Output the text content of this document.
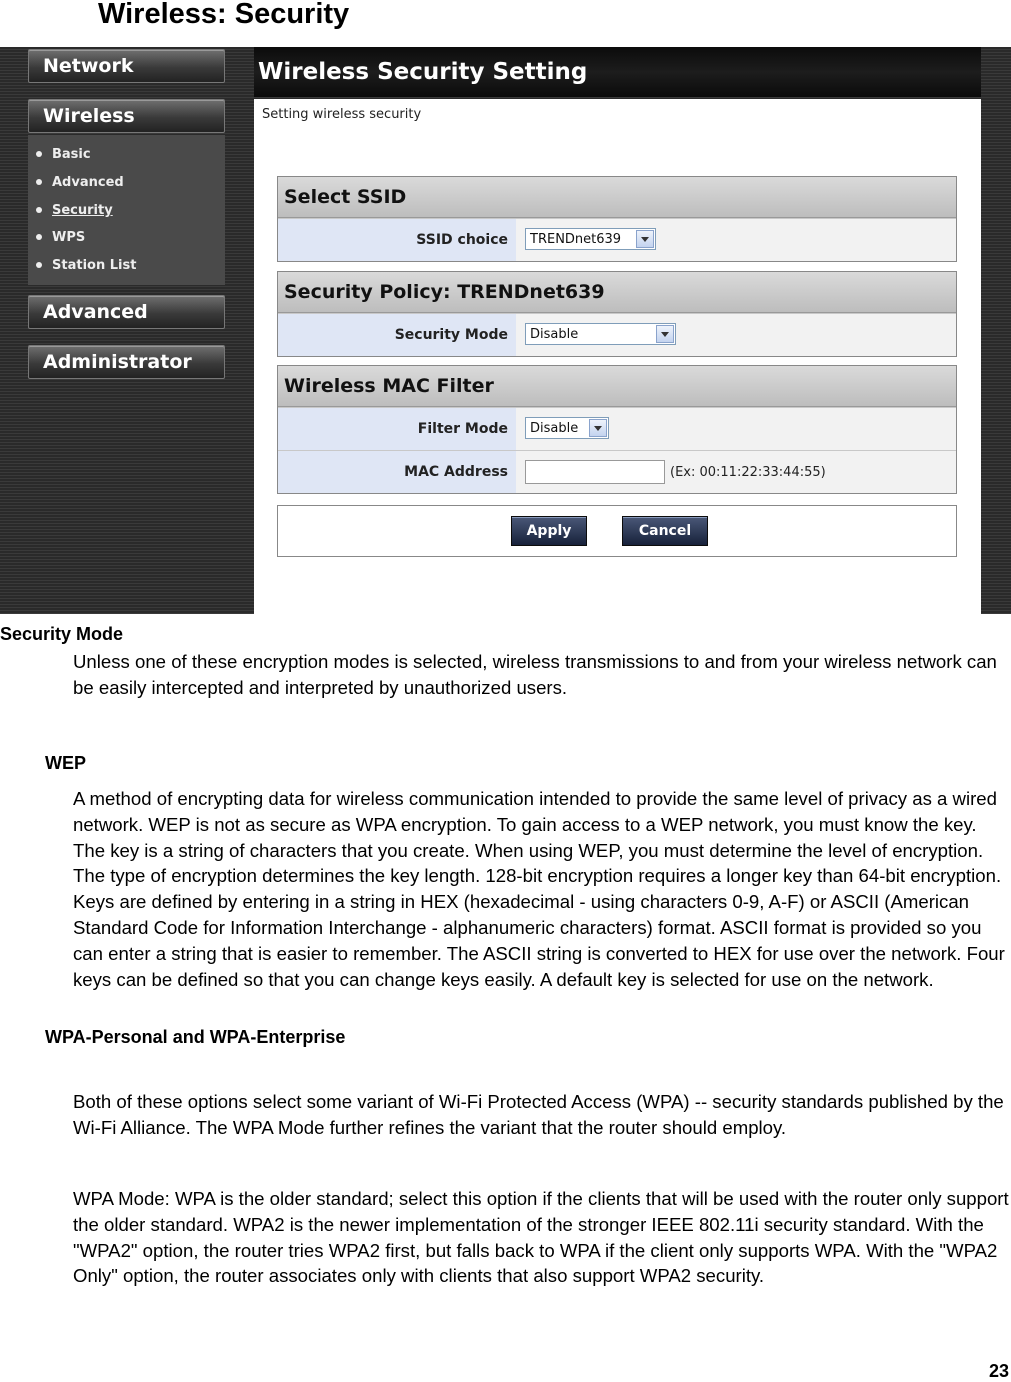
Wireless: Security
Network
Wireless
Basic
Advanced
Security
WPS
Station List
Advanced
Administrator
Wireless Security Setting
Setting wireless security
Select SSID
SSID choice	TRENDnet639
Security Policy: TRENDnet639
Security Mode	Disable
Wireless MAC Filter
Filter Mode	Disable
MAC Address	(Ex: 00:11:22:33:44:55)
Apply	Cancel
Security Mode
Unless one of these encryption modes is selected, wireless transmissions to and from your wireless network can be easily intercepted and interpreted by unauthorized users.
WEP
A method of encrypting data for wireless communication intended to provide the same level of privacy as a wired network. WEP is not as secure as WPA encryption. To gain access to a WEP network, you must know the key. The key is a string of characters that you create. When using WEP, you must determine the level of encryption. The type of encryption determines the key length. 128-bit encryption requires a longer key than 64-bit encryption. Keys are defined by entering in a string in HEX (hexadecimal - using characters 0-9, A-F) or ASCII (American Standard Code for Information Interchange - alphanumeric characters) format. ASCII format is provided so you can enter a string that is easier to remember. The ASCII string is converted to HEX for use over the network. Four keys can be defined so that you can change keys easily. A default key is selected for use on the network.
WPA-Personal and WPA-Enterprise
Both of these options select some variant of Wi-Fi Protected Access (WPA) -- security standards published by the Wi-Fi Alliance. The WPA Mode further refines the variant that the router should employ.
WPA Mode: WPA is the older standard; select this option if the clients that will be used with the router only support the older standard. WPA2 is the newer implementation of the stronger IEEE 802.11i security standard. With the "WPA2" option, the router tries WPA2 first, but falls back to WPA if the client only supports WPA. With the "WPA2 Only" option, the router associates only with clients that also support WPA2 security.
23
